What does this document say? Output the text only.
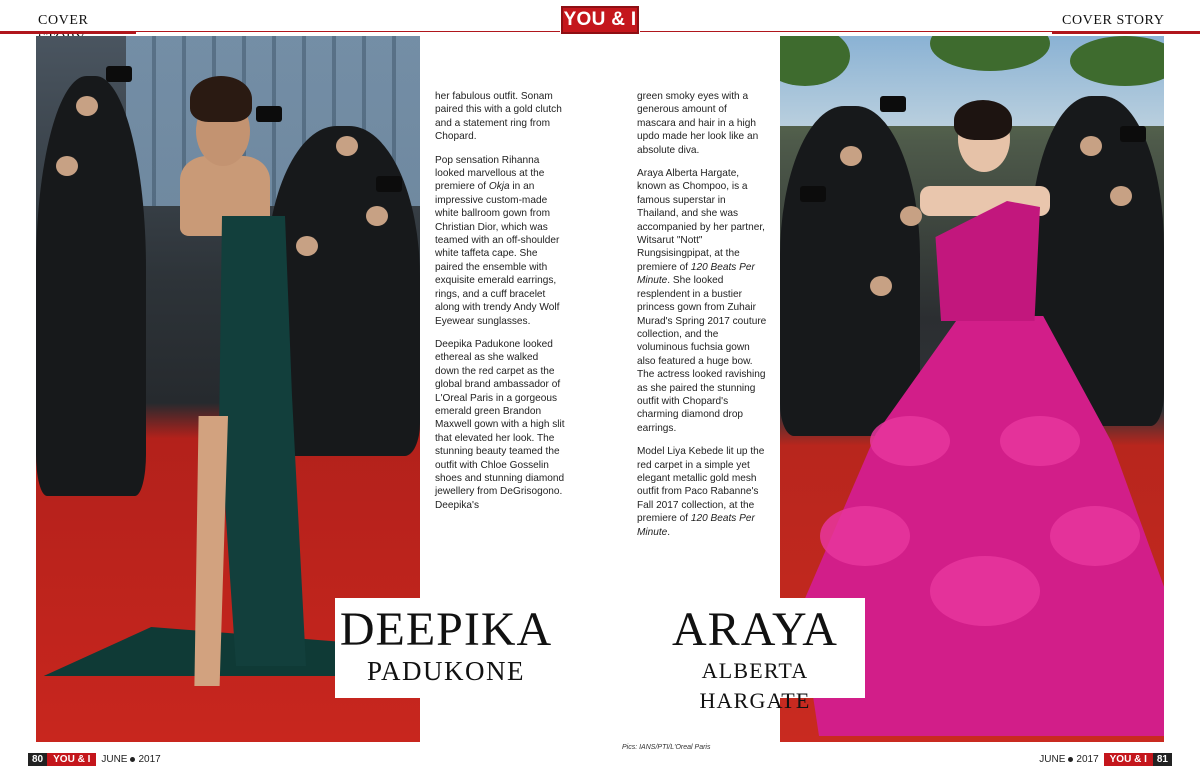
COVER	YOU & I	COVER STORY

her fabulous outfit. Sonam paired this with a gold clutch and a statement ring from Chopard.

Pop sensation Rihanna looked marvellous at the premiere of Okja in an impressive custom-made white ballroom gown from Christian Dior, which was teamed with an off-shoulder white taffeta cape. She paired the ensemble with exquisite emerald earrings, rings, and a cuff bracelet along with trendy Andy Wolf Eyewear sunglasses.

Deepika Padukone looked ethereal as she walked down the red carpet as the global brand ambassador of L'Oreal Paris in a gorgeous emerald green Brandon Maxwell gown with a high slit that elevated her look. The stunning beauty teamed the outfit with Chloe Gosselin shoes and stunning diamond jewellery from DeGrisogono. Deepika's

green smoky eyes with a generous amount of mascara and hair in a high updo made her look like an absolute diva.

Araya Alberta Hargate, known as Chompoo, is a famous superstar in Thailand, and she was accompanied by her partner, Witsarut "Nott" Rungsisingpipat, at the premiere of 120 Beats Per Minute. She looked resplendent in a bustier princess gown from Zuhair Murad's Spring 2017 couture collection, and the voluminous fuchsia gown also featured a huge bow. The actress looked ravishing as she paired the stunning outfit with Chopard's charming diamond drop earrings.

Model Liya Kebede lit up the red carpet in a simple yet elegant metallic gold mesh outfit from Paco Rabanne's Fall 2017 collection, at the premiere of 120 Beats Per Minute.

DEEPIKA
PADUKONE
ARAYA
ALBERTA HARGATE
Pics: IANS/PTI/L'Oreal Paris
80	YOU & I	JUNE 2017	JUNE 2017	YOU & I	81
